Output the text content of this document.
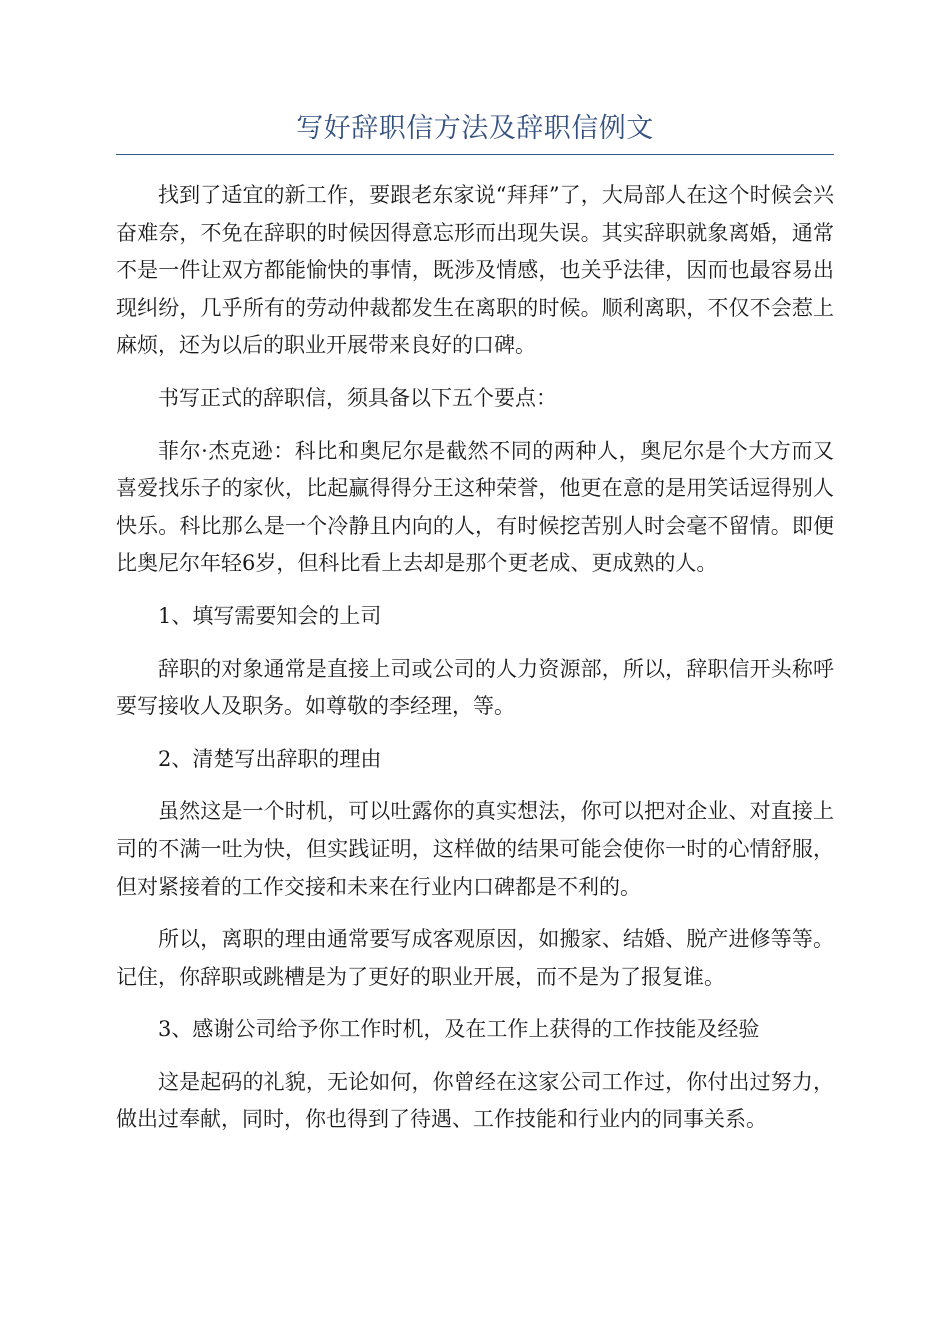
写好辞职信方法及辞职信例文

找到了适宜的新工作，要跟老东家说“拜拜”了，大局部人在这个时候会兴奋难奈，不免在辞职的时候因得意忘形而出现失误。其实辞职就象离婚，通常不是一件让双方都能愉快的事情，既涉及情感，也关乎法律，因而也最容易出现纠纷，几乎所有的劳动仲裁都发生在离职的时候。顺利离职，不仅不会惹上麻烦，还为以后的职业开展带来良好的口碑。

书写正式的辞职信，须具备以下五个要点：

菲尔·杰克逊：科比和奥尼尔是截然不同的两种人，奥尼尔是个大方而又喜爱找乐子的家伙，比起赢得得分王这种荣誉，他更在意的是用笑话逗得别人快乐。科比那么是一个冷静且内向的人，有时候挖苦别人时会毫不留情。即便比奥尼尔年轻6岁，但科比看上去却是那个更老成、更成熟的人。

1、填写需要知会的上司

辞职的对象通常是直接上司或公司的人力资源部，所以，辞职信开头称呼要写接收人及职务。如尊敬的李经理，等。

2、清楚写出辞职的理由

虽然这是一个时机，可以吐露你的真实想法，你可以把对企业、对直接上司的不满一吐为快，但实践证明，这样做的结果可能会使你一时的心情舒服，但对紧接着的工作交接和未来在行业内口碑都是不利的。

所以，离职的理由通常要写成客观原因，如搬家、结婚、脱产进修等等。记住，你辞职或跳槽是为了更好的职业开展，而不是为了报复谁。

3、感谢公司给予你工作时机，及在工作上获得的工作技能及经验

这是起码的礼貌，无论如何，你曾经在这家公司工作过，你付出过努力，做出过奉献，同时，你也得到了待遇、工作技能和行业内的同事关系。
